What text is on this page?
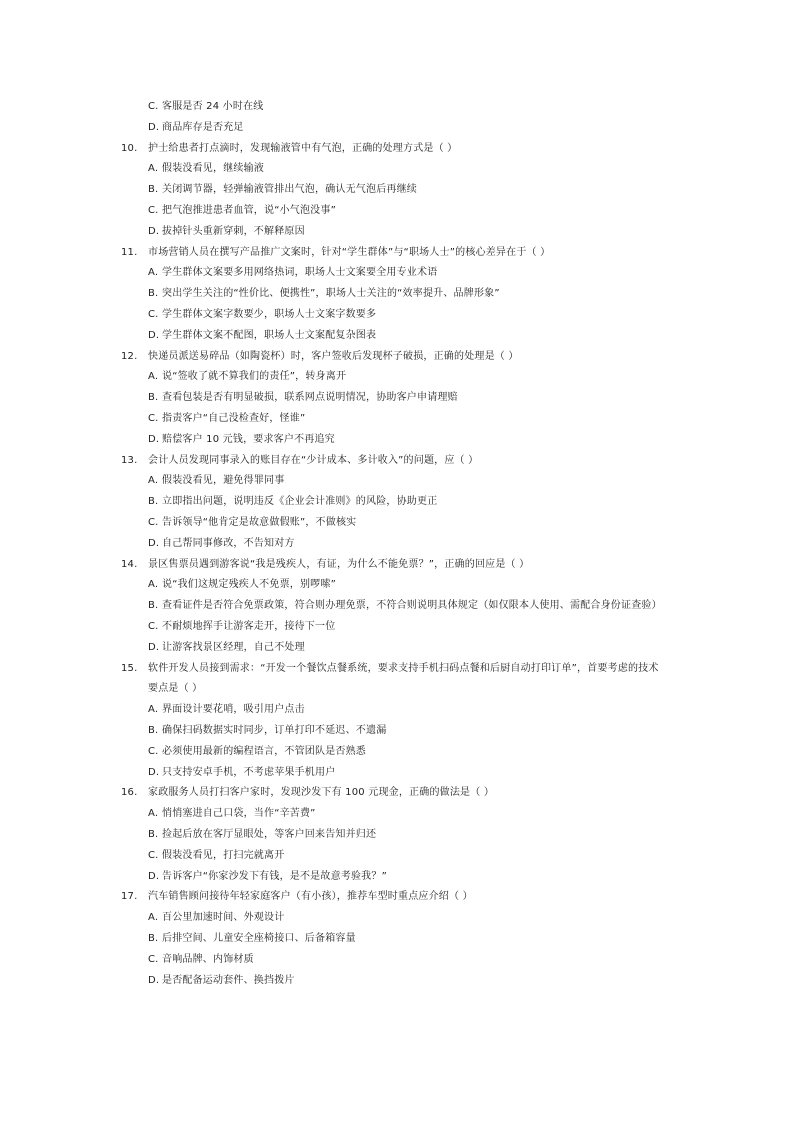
C. 客服是否 24 小时在线
D. 商品库存是否充足
10.	护士给患者打点滴时，发现输液管中有气泡，正确的处理方式是（ ）
A. 假装没看见，继续输液
B. 关闭调节器，轻弹输液管排出气泡，确认无气泡后再继续
C. 把气泡推进患者血管，说“小气泡没事”
D. 拔掉针头重新穿刺，不解释原因
11.	市场营销人员在撰写产品推广文案时，针对“学生群体”与“职场人士”的核心差异在于（ ）
A. 学生群体文案要多用网络热词，职场人士文案要全用专业术语
B. 突出学生关注的“性价比、便携性”，职场人士关注的“效率提升、品牌形象”
C. 学生群体文案字数要少，职场人士文案字数要多
D. 学生群体文案不配图，职场人士文案配复杂图表
12.	快递员派送易碎品（如陶瓷杯）时，客户签收后发现杯子破损，正确的处理是（ ）
A. 说“签收了就不算我们的责任”，转身离开
B. 查看包装是否有明显破损，联系网点说明情况，协助客户申请理赔
C. 指责客户“自己没检查好，怪谁”
D. 赔偿客户 10 元钱，要求客户不再追究
13.	会计人员发现同事录入的账目存在“少计成本、多计收入”的问题，应（ ）
A. 假装没看见，避免得罪同事
B. 立即指出问题，说明违反《企业会计准则》的风险，协助更正
C. 告诉领导“他肯定是故意做假账”，不做核实
D. 自己帮同事修改，不告知对方
14.	景区售票员遇到游客说“我是残疾人，有证，为什么不能免票？”，正确的回应是（ ）
A. 说“我们这规定残疾人不免票，别啰嗦”
B. 查看证件是否符合免票政策，符合则办理免票，不符合则说明具体规定（如仅限本人使用、需配合身份证查验）
C. 不耐烦地挥手让游客走开，接待下一位
D. 让游客找景区经理，自己不处理
15.	软件开发人员接到需求：“开发一个餐饮点餐系统，要求支持手机扫码点餐和后厨自动打印订单”，首要考虑的技术
要点是（ ）
A. 界面设计要花哨，吸引用户点击
B. 确保扫码数据实时同步，订单打印不延迟、不遗漏
C. 必须使用最新的编程语言，不管团队是否熟悉
D. 只支持安卓手机，不考虑苹果手机用户
16.	家政服务人员打扫客户家时，发现沙发下有 100 元现金，正确的做法是（ ）
A. 悄悄塞进自己口袋，当作“辛苦费”
B. 捡起后放在客厅显眼处，等客户回来告知并归还
C. 假装没看见，打扫完就离开
D. 告诉客户“你家沙发下有钱，是不是故意考验我？”
17.	汽车销售顾问接待年轻家庭客户（有小孩），推荐车型时重点应介绍（ ）
A. 百公里加速时间、外观设计
B. 后排空间、儿童安全座椅接口、后备箱容量
C. 音响品牌、内饰材质
D. 是否配备运动套件、换挡拨片
